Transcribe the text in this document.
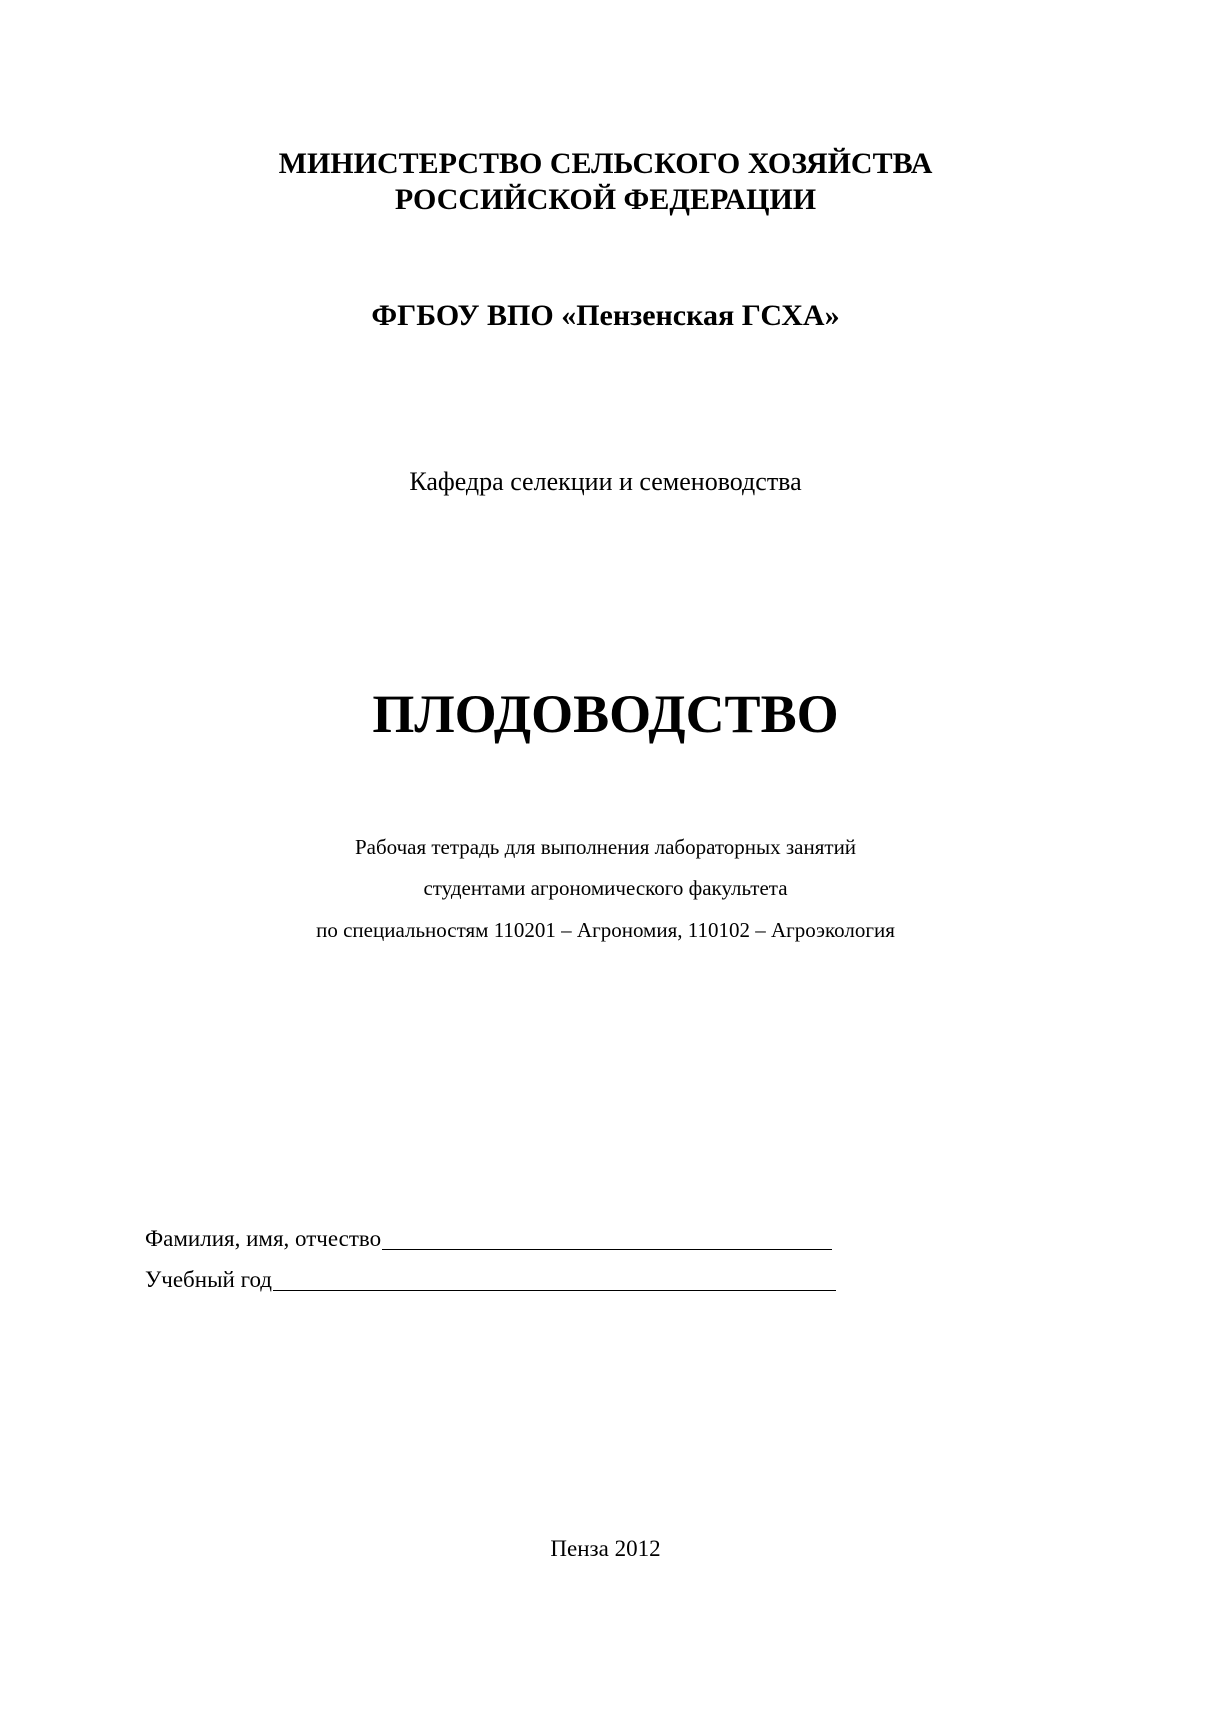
МИНИСТЕРСТВО СЕЛЬСКОГО ХОЗЯЙСТВА
РОССИЙСКОЙ ФЕДЕРАЦИИ
ФГБОУ ВПО «Пензенская ГСХА»
Кафедра селекции и семеноводства
ПЛОДОВОДСТВО
Рабочая тетрадь для выполнения лабораторных занятий
студентами агрономического факультета
по специальностям 110201 – Агрономия, 110102 – Агроэкология
Фамилия, имя, отчество
Учебный год
Пенза 2012
